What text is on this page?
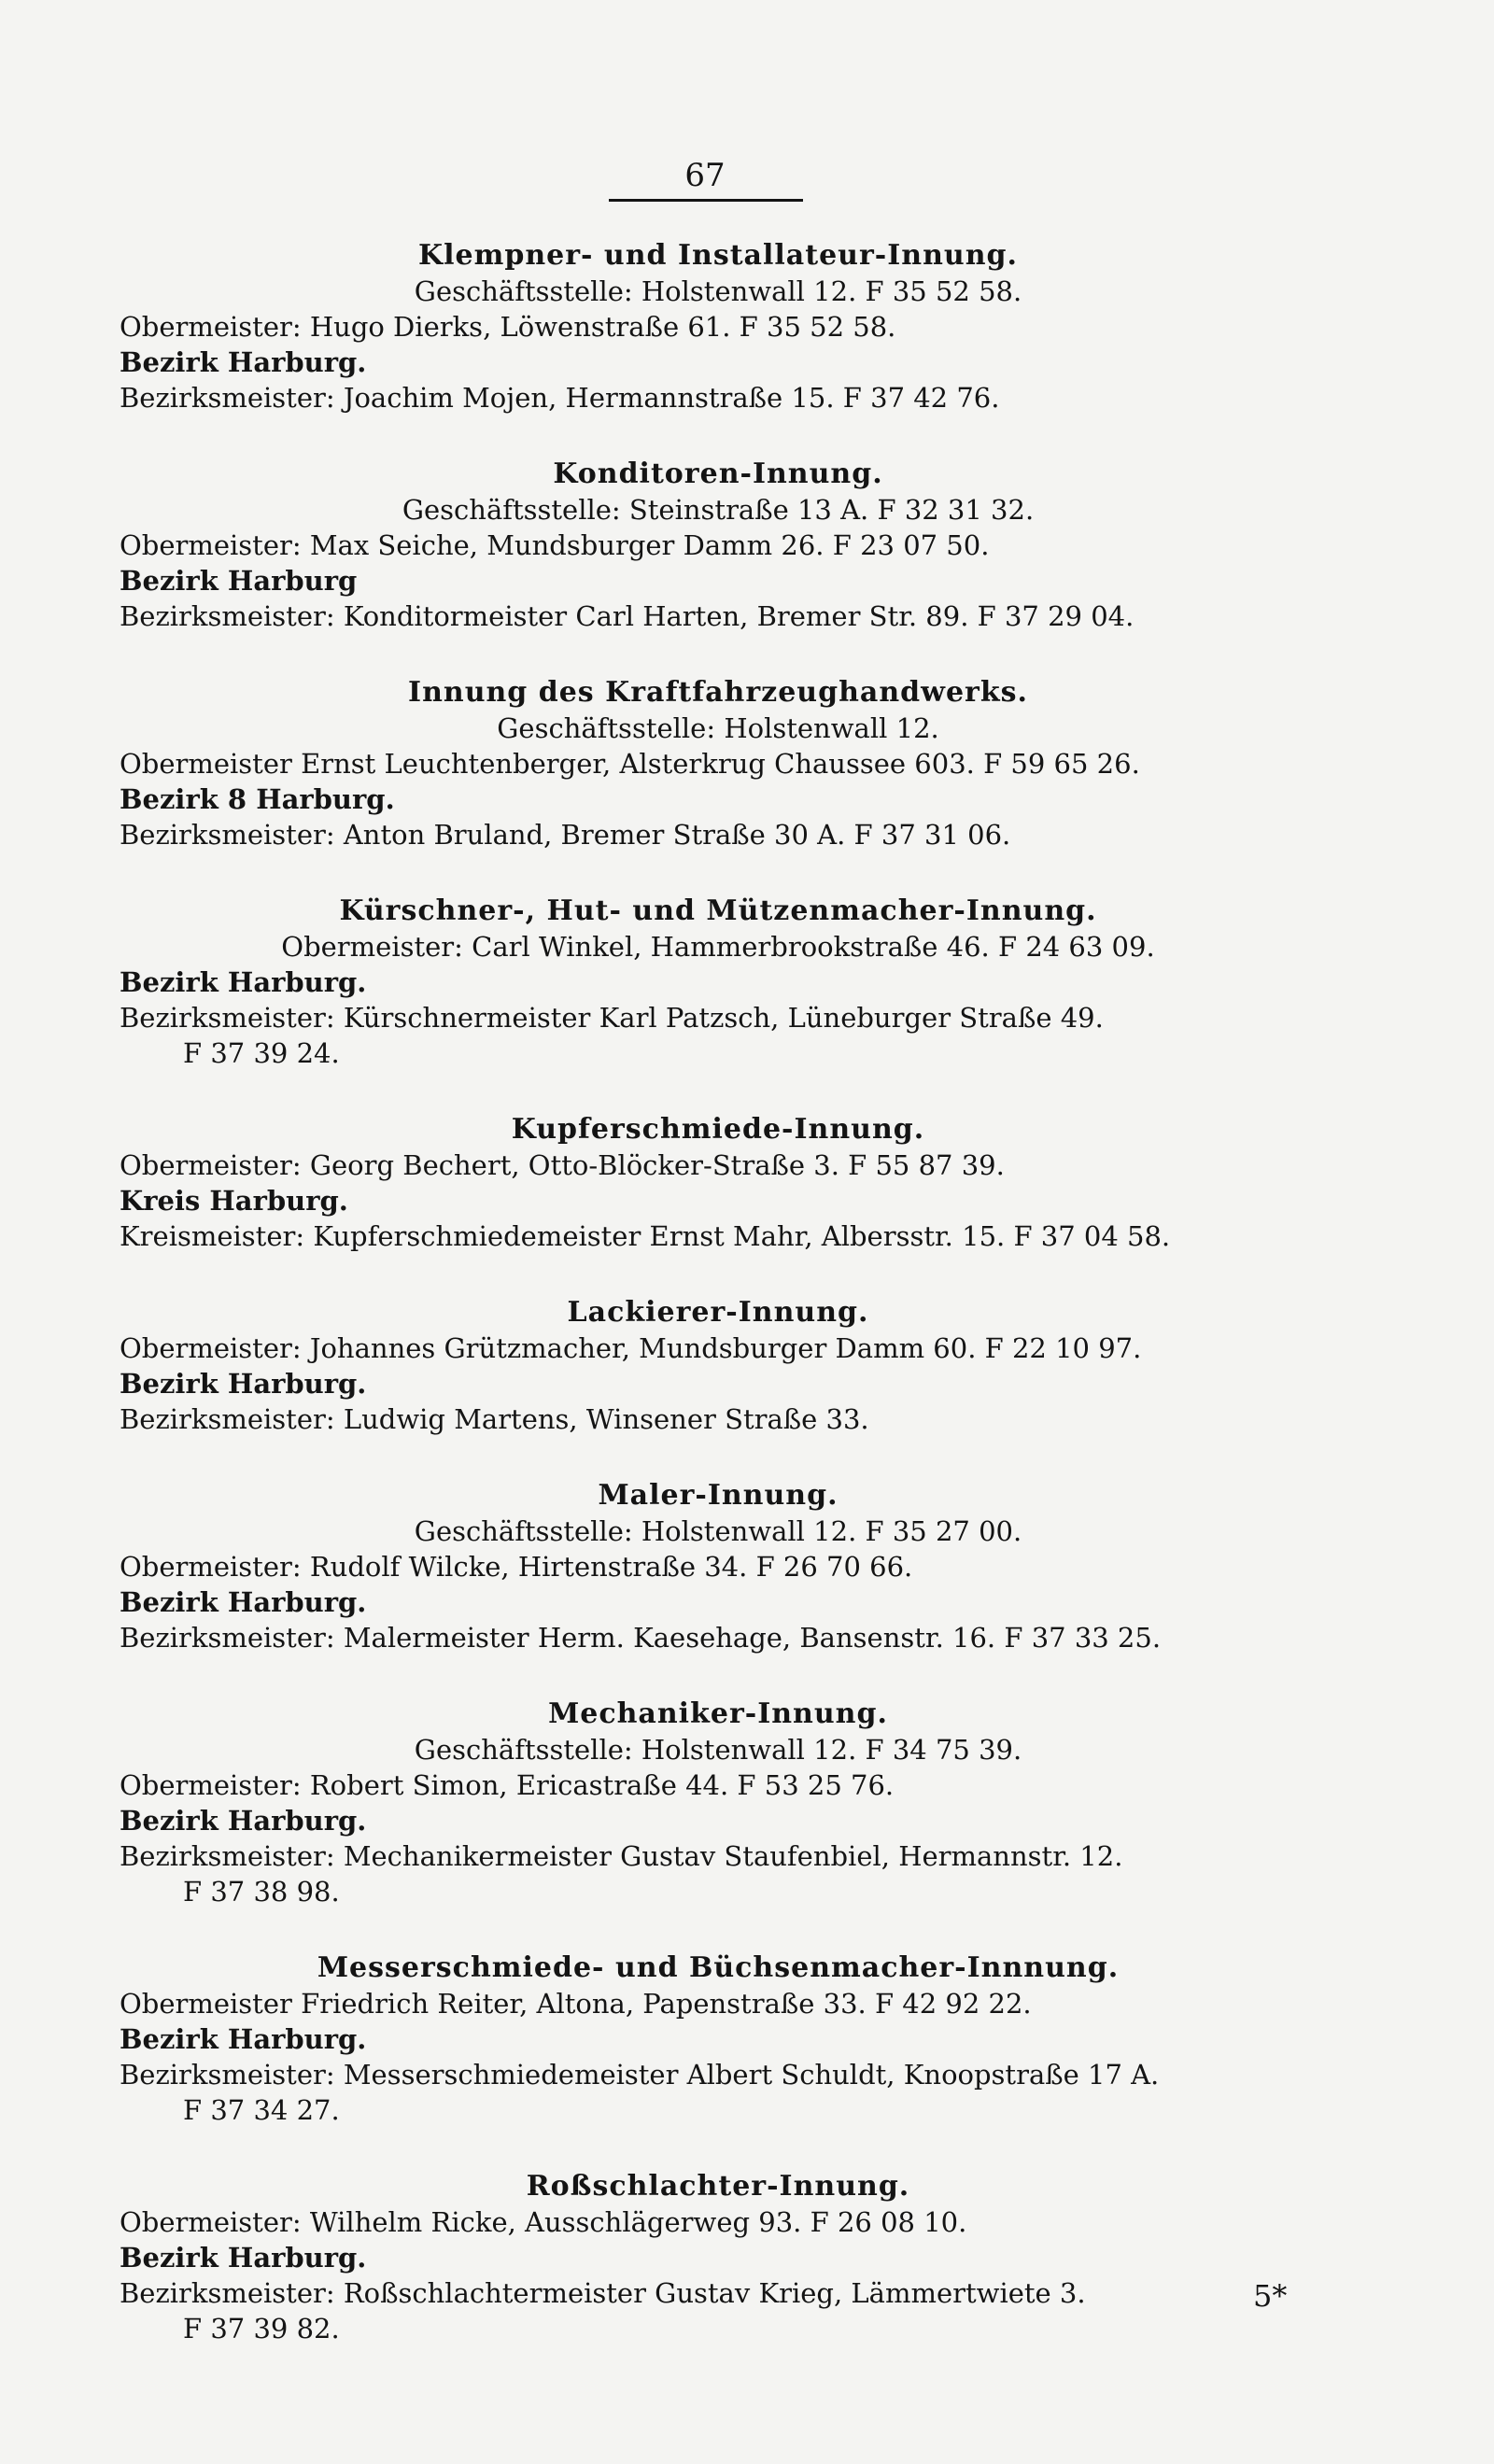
67
Klempner- und Installateur-Innung.
Geschäftsstelle: Holstenwall 12. F 35 52 58.
Obermeister: Hugo Dierks, Löwenstraße 61. F 35 52 58.
Bezirk Harburg.
Bezirksmeister: Joachim Mojen, Hermannstraße 15. F 37 42 76.
Konditoren-Innung.
Geschäftsstelle: Steinstraße 13 A. F 32 31 32.
Obermeister: Max Seiche, Mundsburger Damm 26. F 23 07 50.
Bezirk Harburg
Bezirksmeister: Konditormeister Carl Harten, Bremer Str. 89. F 37 29 04.
Innung des Kraftfahrzeughandwerks.
Geschäftsstelle: Holstenwall 12.
Obermeister Ernst Leuchtenberger, Alsterkrug Chaussee 603. F 59 65 26.
Bezirk 8 Harburg.
Bezirksmeister: Anton Bruland, Bremer Straße 30 A. F 37 31 06.
Kürschner-, Hut- und Mützenmacher-Innung.
Obermeister: Carl Winkel, Hammerbrookstraße 46. F 24 63 09.
Bezirk Harburg.
Bezirksmeister: Kürschnermeister Karl Patzsch, Lüneburger Straße 49.
F 37 39 24.
Kupferschmiede-Innung.
Obermeister: Georg Bechert, Otto-Blöcker-Straße 3. F 55 87 39.
Kreis Harburg.
Kreismeister: Kupferschmiedemeister Ernst Mahr, Albersstr. 15. F 37 04 58.
Lackierer-Innung.
Obermeister: Johannes Grützmacher, Mundsburger Damm 60. F 22 10 97.
Bezirk Harburg.
Bezirksmeister: Ludwig Martens, Winsener Straße 33.
Maler-Innung.
Geschäftsstelle: Holstenwall 12. F 35 27 00.
Obermeister: Rudolf Wilcke, Hirtenstraße 34. F 26 70 66.
Bezirk Harburg.
Bezirksmeister: Malermeister Herm. Kaesehage, Bansenstr. 16. F 37 33 25.
Mechaniker-Innung.
Geschäftsstelle: Holstenwall 12. F 34 75 39.
Obermeister: Robert Simon, Ericastraße 44. F 53 25 76.
Bezirk Harburg.
Bezirksmeister: Mechanikermeister Gustav Staufenbiel, Hermannstr. 12.
F 37 38 98.
Messerschmiede- und Büchsenmacher-Innnung.
Obermeister Friedrich Reiter, Altona, Papenstraße 33. F 42 92 22.
Bezirk Harburg.
Bezirksmeister: Messerschmiedemeister Albert Schuldt, Knoopstraße 17 A.
F 37 34 27.
Roßschlachter-Innung.
Obermeister: Wilhelm Ricke, Ausschlägerweg 93. F 26 08 10.
Bezirk Harburg.
Bezirksmeister: Roßschlachtermeister Gustav Krieg, Lämmertwiete 3.
F 37 39 82.
5*
